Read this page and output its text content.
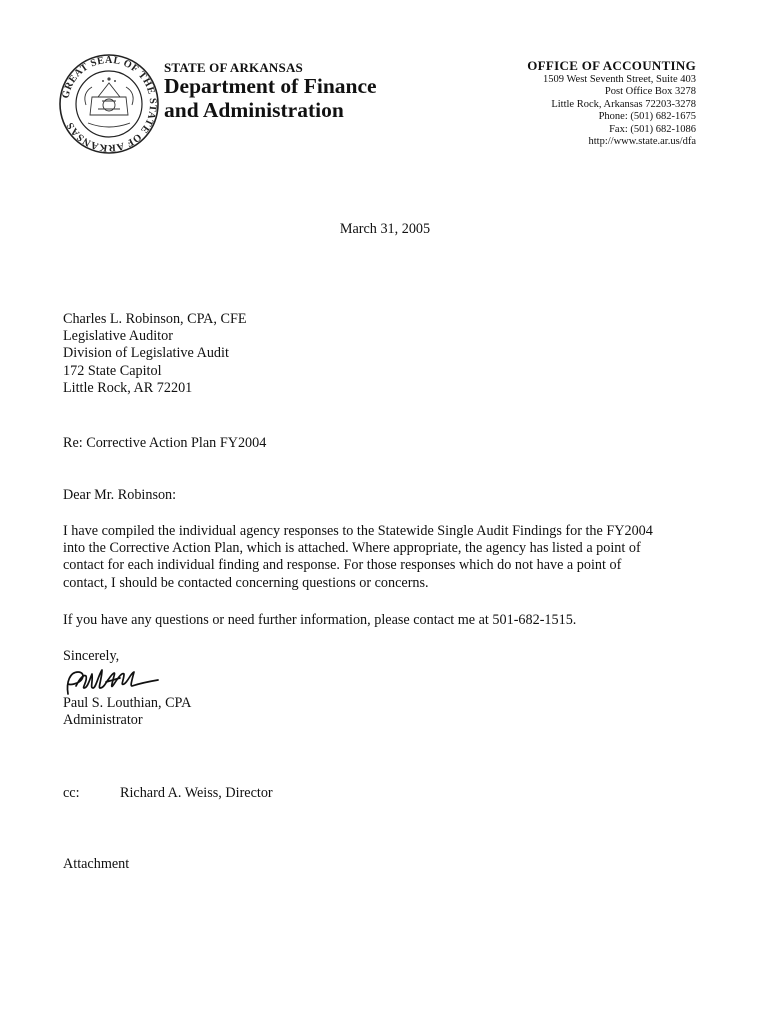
GREAT SEAL OF THE STATE OF ARKANSAS
STATE OF ARKANSAS
Department of Finance
and Administration
OFFICE OF ACCOUNTING
1509 West Seventh Street, Suite 403
Post Office Box 3278
Little Rock, Arkansas 72203-3278
Phone: (501) 682-1675
Fax: (501) 682-1086
http://www.state.ar.us/dfa
March 31, 2005
Charles L. Robinson, CPA, CFE
Legislative Auditor
Division of Legislative Audit
172 State Capitol
Little Rock, AR 72201
Re: Corrective Action Plan FY2004
Dear Mr. Robinson:
I have compiled the individual agency responses to the Statewide Single Audit Findings for the FY2004
into the Corrective Action Plan, which is attached. Where appropriate, the agency has listed a point of
contact for each individual finding and response. For those responses which do not have a point of
contact, I should be contacted concerning questions or concerns.
If you have any questions or need further information, please contact me at 501-682-1515.
Sincerely,
Paul S. Louthian, CPA
Administrator
cc:	Richard A. Weiss, Director
Attachment
